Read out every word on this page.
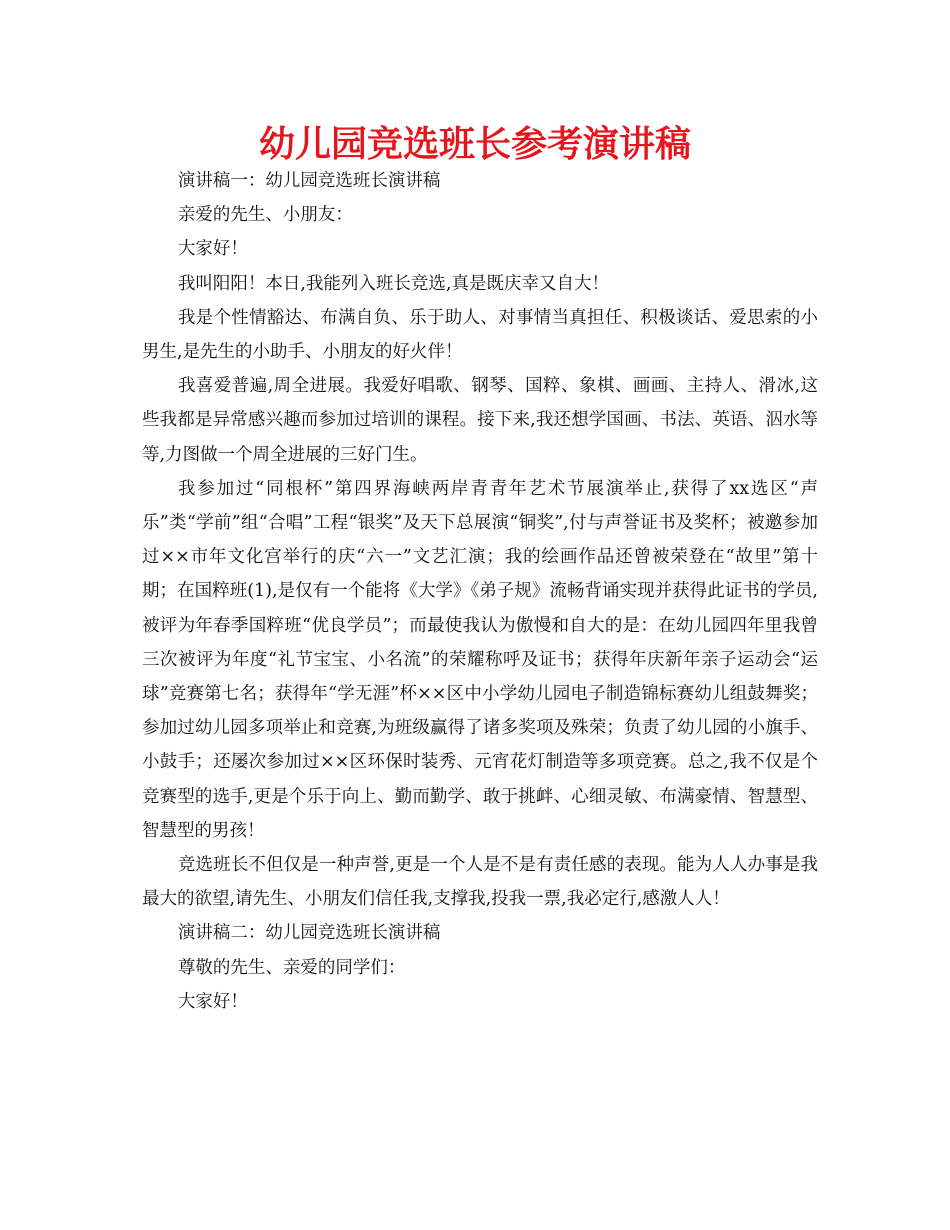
幼儿园竞选班长参考演讲稿

演讲稿一：幼儿园竞选班长演讲稿

亲爱的先生、小朋友：

大家好！

我叫阳阳！本日,我能列入班长竞选,真是既庆幸又自大！

我是个性情豁达、布满自负、乐于助人、对事情当真担任、积极谈话、爱思索的小男生,是先生的小助手、小朋友的好火伴！

我喜爱普遍,周全进展。我爱好唱歌、钢琴、国粹、象棋、画画、主持人、滑冰,这些我都是异常感兴趣而参加过培训的课程。接下来,我还想学国画、书法、英语、泅水等等,力图做一个周全进展的三好门生。

我参加过“同根杯”第四界海峡两岸青青年艺术节展演举止,获得了xx选区“声乐”类“学前”组“合唱”工程“银奖”及天下总展演“铜奖”,付与声誉证书及奖杯；被邀参加过××市年文化宫举行的庆“六一”文艺汇演；我的绘画作品还曾被荣登在“故里”第十期；在国粹班(1),是仅有一个能将《大学》《弟子规》流畅背诵实现并获得此证书的学员,被评为年春季国粹班“优良学员”；而最使我认为傲慢和自大的是：在幼儿园四年里我曾三次被评为年度“礼节宝宝、小名流”的荣耀称呼及证书；获得年庆新年亲子运动会“运球”竞赛第七名；获得年“学无涯”杯××区中小学幼儿园电子制造锦标赛幼儿组鼓舞奖；参加过幼儿园多项举止和竞赛,为班级赢得了诸多奖项及殊荣；负责了幼儿园的小旗手、小鼓手；还屡次参加过××区环保时装秀、元宵花灯制造等多项竞赛。总之,我不仅是个竞赛型的选手,更是个乐于向上、勤而勤学、敢于挑衅、心细灵敏、布满豪情、智慧型、智慧型的男孩！

竞选班长不但仅是一种声誉,更是一个人是不是有责任感的表现。能为人人办事是我最大的欲望,请先生、小朋友们信任我,支撑我,投我一票,我必定行,感激人人！

演讲稿二：幼儿园竞选班长演讲稿

尊敬的先生、亲爱的同学们：

大家好！
